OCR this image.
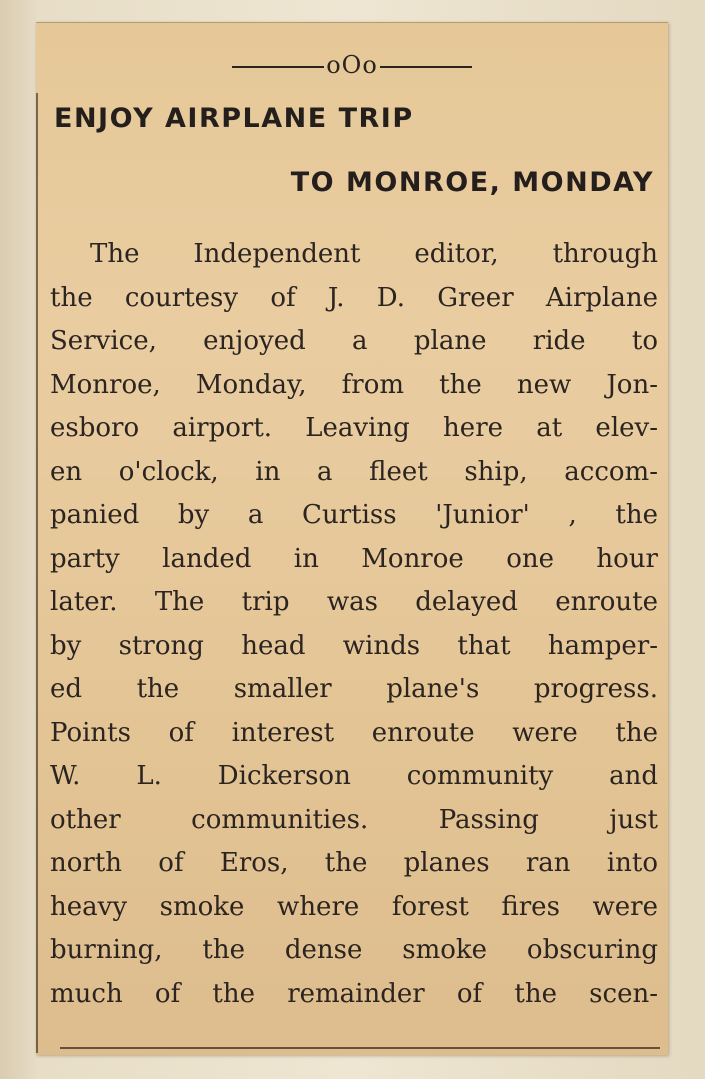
oOo
ENJOY AIRPLANE TRIP
TO MONROE, MONDAY
The Independent editor, through
the courtesy of J. D. Greer Airplane
Service, enjoyed a plane ride to
Monroe, Monday, from the new Jon-
esboro airport. Leaving here at elev-
en o'clock, in a fleet ship, accom-
panied by a Curtiss 'Junior' , the
party landed in Monroe one hour
later. The trip was delayed enroute
by strong head winds that hamper-
ed the smaller plane's progress.
Points of interest enroute were the
W. L. Dickerson community and
other communities. Passing just
north of Eros, the planes ran into
heavy smoke where forest fires were
burning, the dense smoke obscuring
much of the remainder of the scen-
